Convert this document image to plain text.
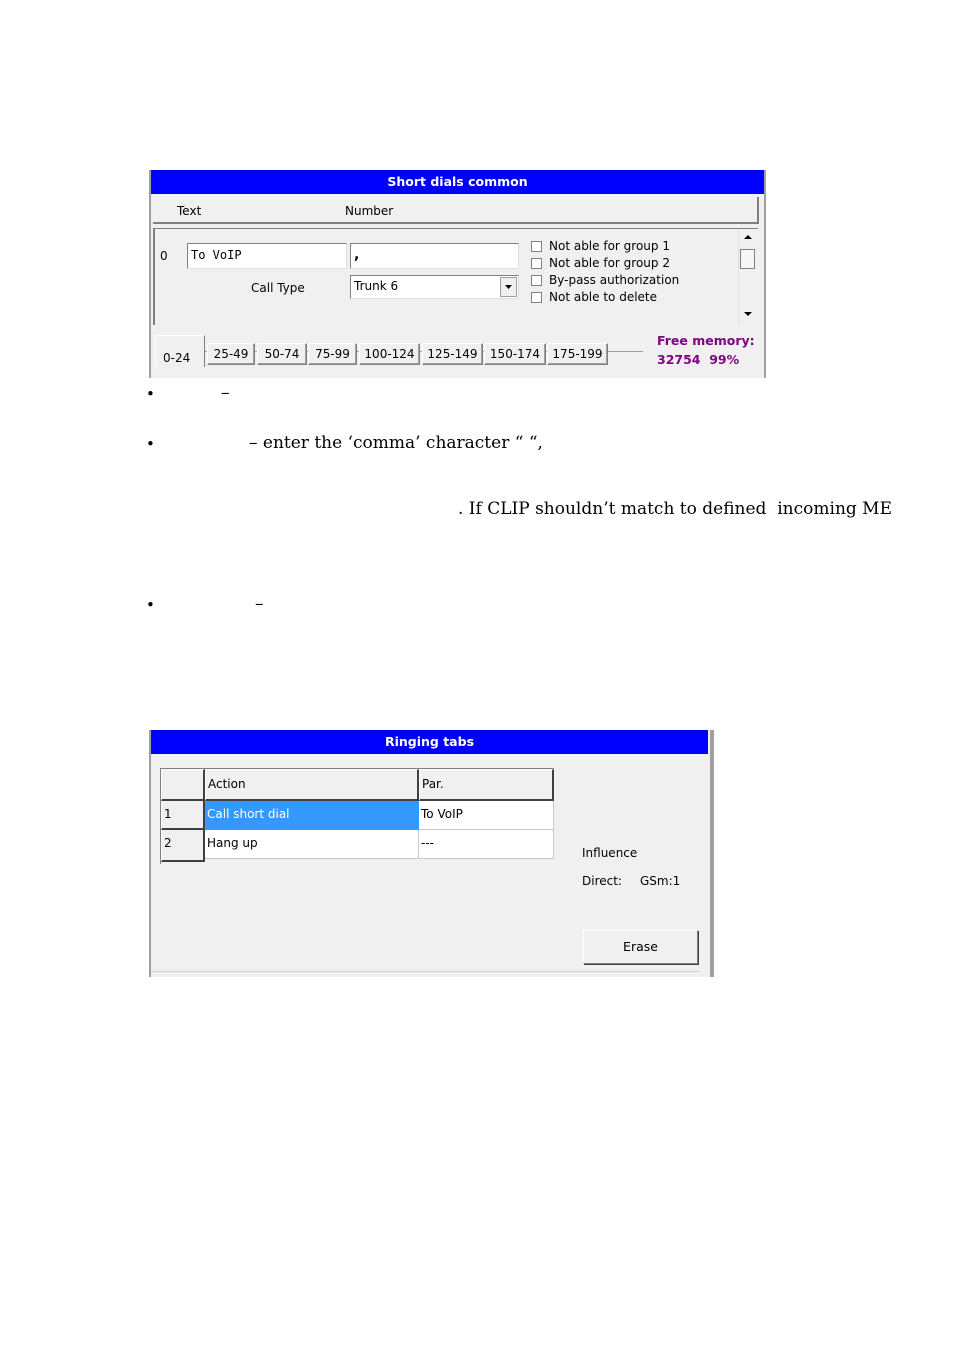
Short dials common
Text	Number
0	To VoIP	,
Call Type	Trunk 6
Not able for group 1
Not able for group 2
By-pass authorization
Not able to delete
0-24	25-49	50-74	75-99	100-124	125-149	150-174	175-199
Free memory:
32754  99%
•	–
•	– enter the ‘comma’ character “ “,
. If CLIP shouldn’t match to defined  incoming ME
•	–
Ringing tabs
Action	Par.
1	Call short dial	To VoIP
2	Hang up	---
Influence
Direct: GSm:1
Erase
